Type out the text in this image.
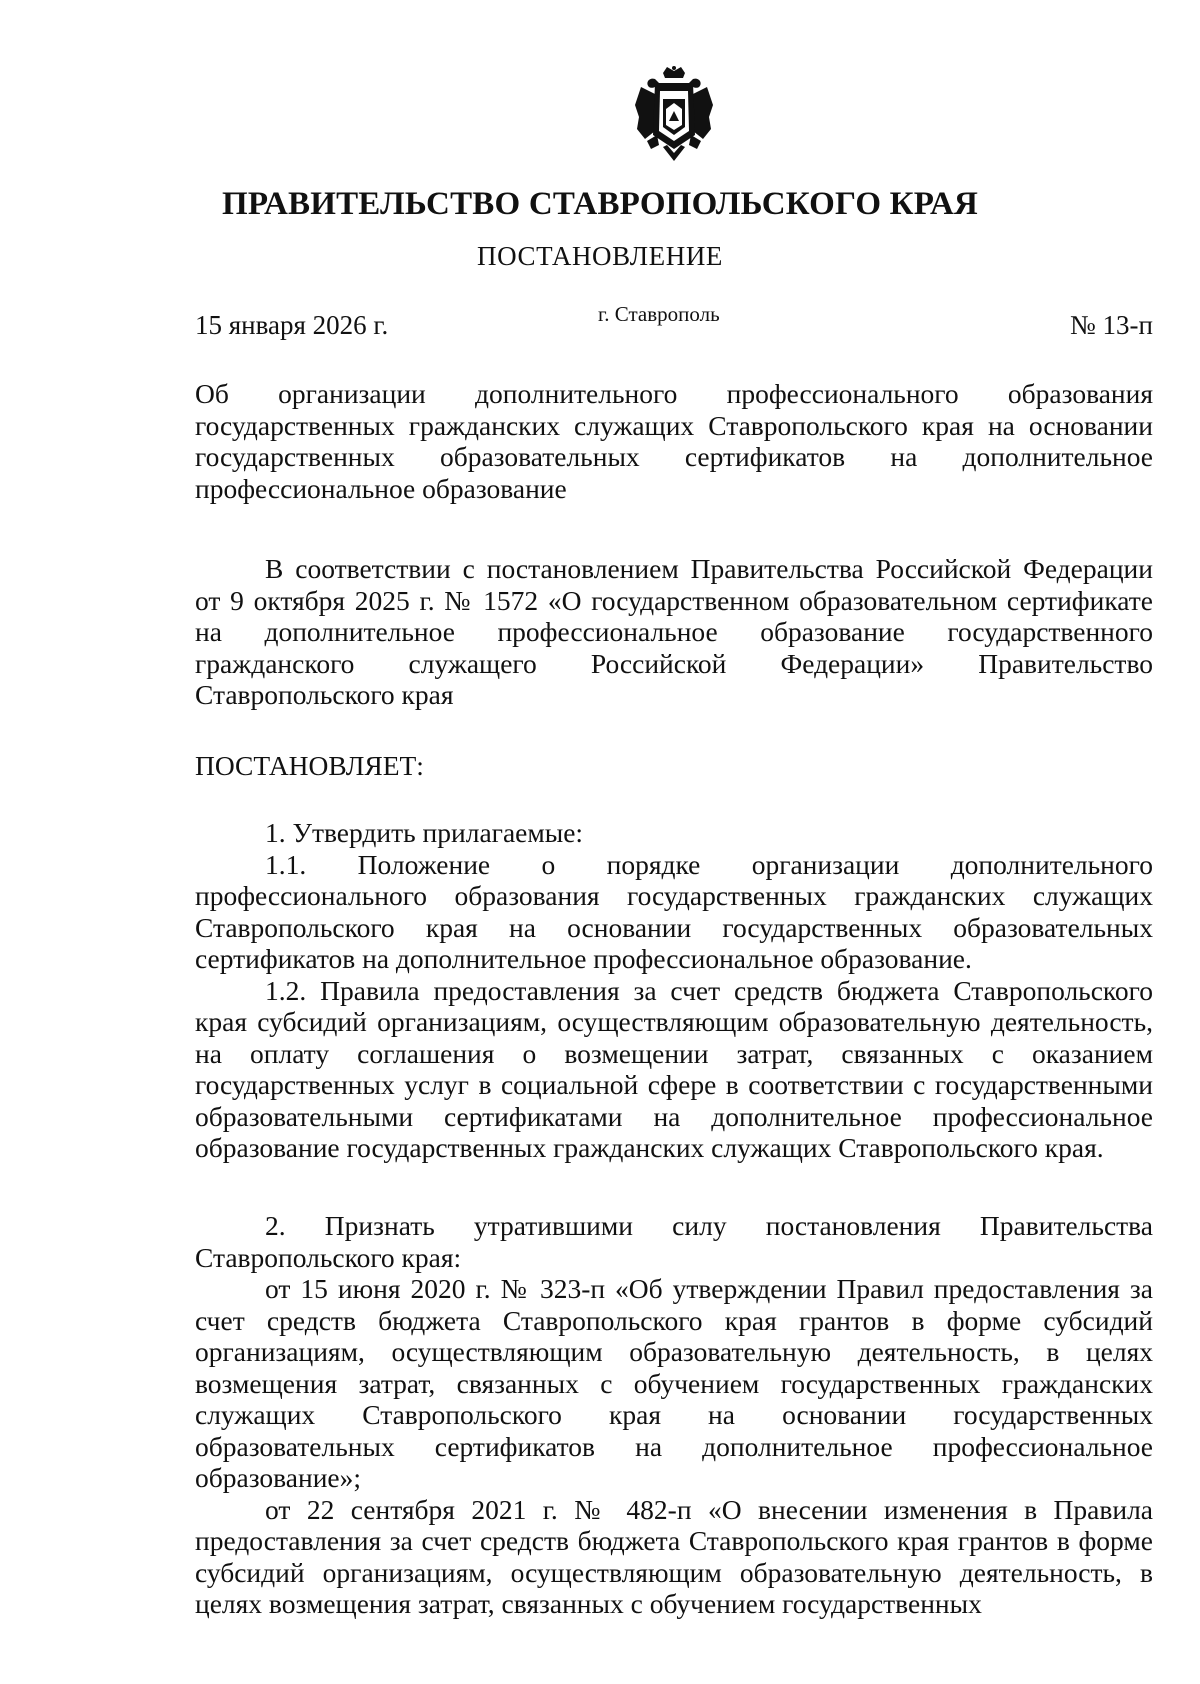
ПРАВИТЕЛЬСТВО СТАВРОПОЛЬСКОГО КРАЯ
ПОСТАНОВЛЕНИЕ
15 января 2026 г.	г. Ставрополь	№ 13-п
Об организации дополнительного профессионального образования государственных гражданских служащих Ставропольского края на основании государственных образовательных сертификатов на дополнительное профессиональное образование

В соответствии с постановлением Правительства Российской Федерации от 9 октября 2025 г. № 1572 «О государственном образовательном сертификате на дополнительное профессиональное образование государственного гражданского служащего Российской Федерации» Правительство Ставропольского края

ПОСТАНОВЛЯЕТ:

1. Утвердить прилагаемые:

1.1. Положение о порядке организации дополнительного профессионального образования государственных гражданских служащих Ставропольского края на основании государственных образовательных сертификатов на дополнительное профессиональное образование.

1.2. Правила предоставления за счет средств бюджета Ставропольского края субсидий организациям, осуществляющим образовательную деятельность, на оплату соглашения о возмещении затрат, связанных с оказанием государственных услуг в социальной сфере в соответствии с государственными образовательными сертификатами на дополнительное профессиональное образование государственных гражданских служащих Ставропольского края.

2. Признать утратившими силу постановления Правительства Ставропольского края:

от 15 июня 2020 г. № 323-п «Об утверждении Правил предоставления за счет средств бюджета Ставропольского края грантов в форме субсидий организациям, осуществляющим образовательную деятельность, в целях возмещения затрат, связанных с обучением государственных гражданских служащих Ставропольского края на основании государственных образовательных сертификатов на дополнительное профессиональное образование»;

от 22 сентября 2021 г. № 482-п «О внесении изменения в Правила предоставления за счет средств бюджета Ставропольского края грантов в форме субсидий организациям, осуществляющим образовательную деятельность, в целях возмещения затрат, связанных с обучением государственных
